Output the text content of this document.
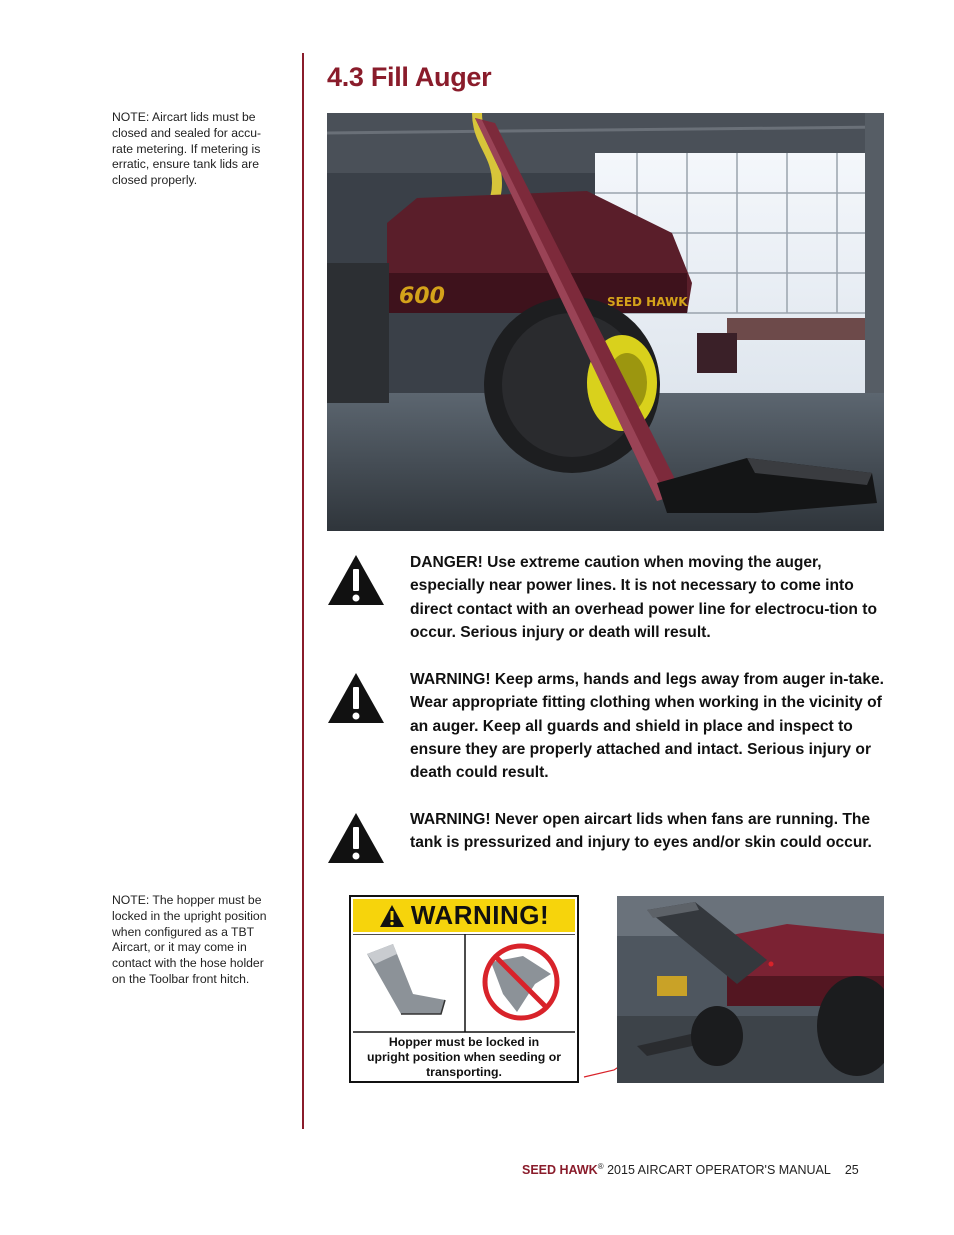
NOTE: Aircart lids must be
closed and sealed for accu-
rate metering. If metering is
erratic, ensure tank lids are
closed properly.
NOTE: The hopper must be
locked in the upright position
when configured as a TBT
Aircart, or it may come in
contact with the hose holder
on the Toolbar front hitch.
4.3 Fill Auger
600	SEED HAWK
DANGER! Use extreme caution when moving the auger, especially near power lines. It is not necessary to come into direct contact with an overhead power line for electrocu-tion to occur. Serious injury or death will result.
WARNING! Keep arms, hands and legs away from auger in-take. Wear appropriate fitting clothing when working in the vicinity of an auger. Keep all guards and shield in place and inspect to ensure they are properly attached and intact. Serious injury or death could result.
WARNING! Never open aircart lids when fans are running. The tank is pressurized and injury to eyes and/or skin could occur.
WARNING!
Hopper must be locked in
upright position when seeding or
transporting.
SEED HAWK® 2015 AIRCART OPERATOR'S MANUAL 25
